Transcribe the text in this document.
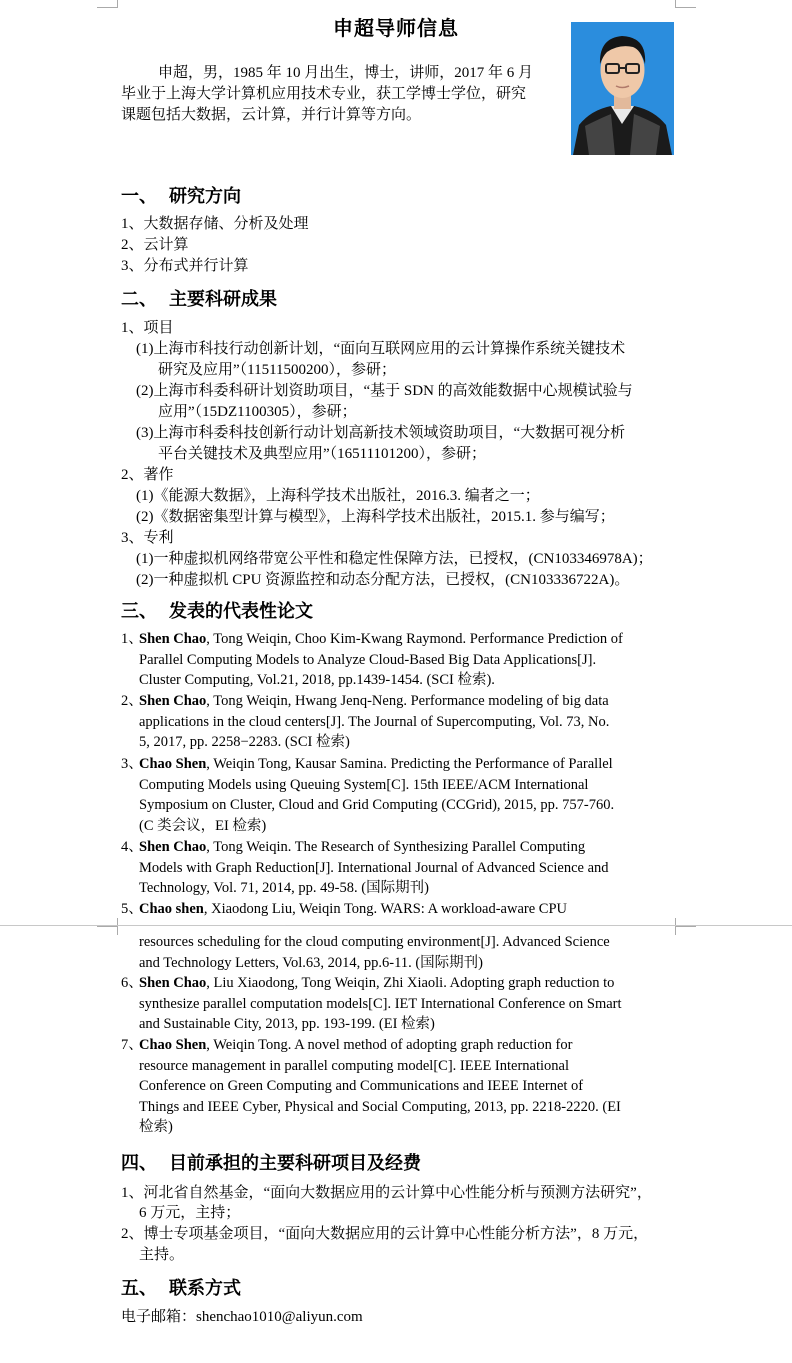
申超导师信息
申超，男，1985 年 10 月出生，博士，讲师，2017 年 6 月
毕业于上海大学计算机应用技术专业，获工学博士学位，研究
课题包括大数据，云计算，并行计算等方向。
一、 研究方向
1、大数据存储、分析及处理
2、云计算
3、分布式并行计算
二、 主要科研成果
1、项目
(1)上海市科技行动创新计划，“面向互联网应用的云计算操作系统关键技术
研究及应用”（11511500200），参研；
(2)上海市科委科研计划资助项目，“基于 SDN 的高效能数据中心规模试验与
应用”（15DZ1100305），参研；
(3)上海市科委科技创新行动计划高新技术领域资助项目，“大数据可视分析
平台关键技术及典型应用”（16511101200），参研；
2、著作
(1)《能源大数据》，上海科学技术出版社，2016.3. 编者之一；
(2)《数据密集型计算与模型》，上海科学技术出版社，2015.1. 参与编写；
3、专利
(1)一种虚拟机网络带宽公平性和稳定性保障方法，已授权，(CN103346978A)；
(2)一种虚拟机 CPU 资源监控和动态分配方法，已授权，(CN103336722A)。
三、 发表的代表性论文
1、
Shen Chao, Tong Weiqin, Choo Kim-Kwang Raymond. Performance Prediction of
Parallel Computing Models to Analyze Cloud-Based Big Data Applications[J].
Cluster Computing, Vol.21, 2018, pp.1439-1454. (SCI 检索).
2、
Shen Chao, Tong Weiqin, Hwang Jenq-Neng. Performance modeling of big data
applications in the cloud centers[J]. The Journal of Supercomputing, Vol. 73, No.
5, 2017, pp. 2258−2283. (SCI 检索)
3、
Chao Shen, Weiqin Tong, Kausar Samina. Predicting the Performance of Parallel
Computing Models using Queuing System[C]. 15th IEEE/ACM International
Symposium on Cluster, Cloud and Grid Computing (CCGrid), 2015, pp. 757-760.
(C 类会议，EI 检索)
4、
Shen Chao, Tong Weiqin. The Research of Synthesizing Parallel Computing
Models with Graph Reduction[J]. International Journal of Advanced Science and
Technology, Vol. 71, 2014, pp. 49-58. (国际期刊)
5、
Chao shen, Xiaodong Liu, Weiqin Tong. WARS: A workload-aware CPU
resources scheduling for the cloud computing environment[J]. Advanced Science
and Technology Letters, Vol.63, 2014, pp.6-11. (国际期刊)
6、
Shen Chao, Liu Xiaodong, Tong Weiqin, Zhi Xiaoli. Adopting graph reduction to
synthesize parallel computation models[C]. IET International Conference on Smart
and Sustainable City, 2013, pp. 193-199. (EI 检索)
7、
Chao Shen, Weiqin Tong. A novel method of adopting graph reduction for
resource management in parallel computing model[C]. IEEE International
Conference on Green Computing and Communications and IEEE Internet of
Things and IEEE Cyber, Physical and Social Computing, 2013, pp. 2218-2220. (EI
检索)
四、 目前承担的主要科研项目及经费
1、河北省自然基金，“面向大数据应用的云计算中心性能分析与预测方法研究”，
6 万元，主持；
2、博士专项基金项目，“面向大数据应用的云计算中心性能分析方法”，8 万元，
主持。
五、 联系方式
电子邮箱：shenchao1010@aliyun.com
